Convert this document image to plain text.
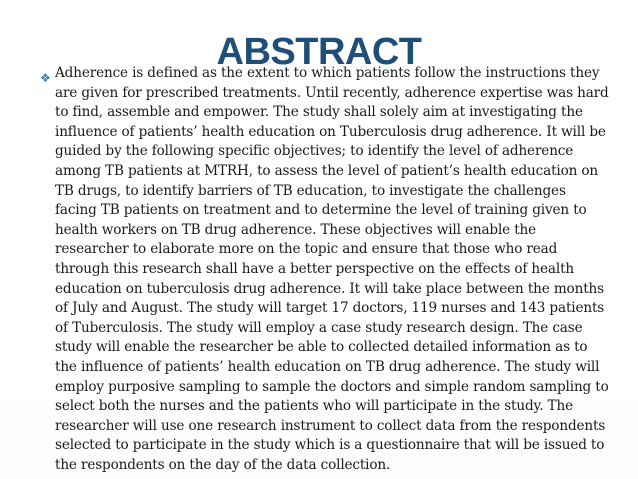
ABSTRACT
❖ Adherence is defined as the extent to which patients follow the instructions they are given for prescribed treatments. Until recently, adherence expertise was hard to find, assemble and empower. The study shall solely aim at investigating the influence of patients’ health education on Tuberculosis drug adherence. It will be guided by the following specific objectives; to identify the level of adherence among TB patients at MTRH, to assess the level of patient’s health education on TB drugs, to identify barriers of TB education, to investigate the challenges facing TB patients on treatment and to determine the level of training given to health workers on TB drug adherence. These objectives will enable the researcher to elaborate more on the topic and ensure that those who read through this research shall have a better perspective on the effects of health education on tuberculosis drug adherence. It will take place between the months of July and August. The study will target 17 doctors, 119 nurses and 143 patients of Tuberculosis. The study will employ a case study research design. The case study will enable the researcher be able to collected detailed information as to the influence of patients’ health education on TB drug adherence. The study will employ purposive sampling to sample the doctors and simple random sampling to select both the nurses and the patients who will participate in the study. The researcher will use one research instrument to collect data from the respondents selected to participate in the study which is a questionnaire that will be issued to the respondents on the day of the data collection.
